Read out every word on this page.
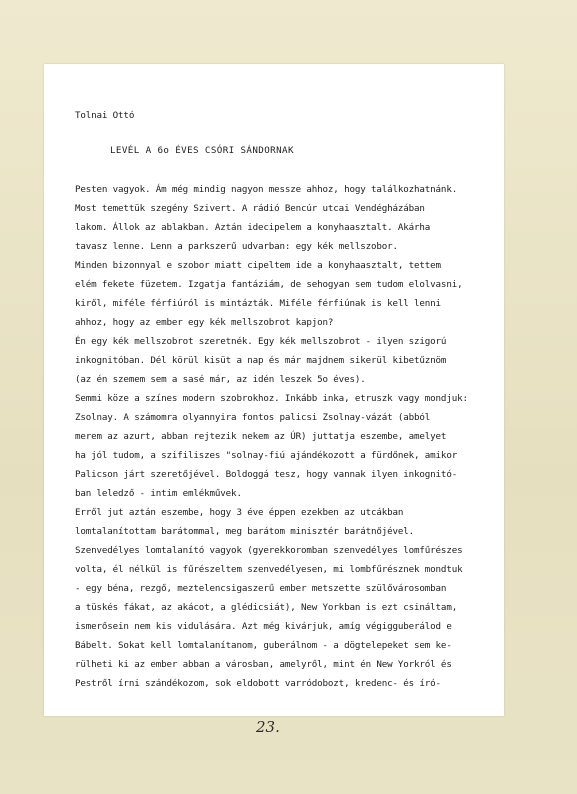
Tolnai Ottó
LEVÉL A 6o ÉVES CSÓRI SÁNDORNAK
Pesten vagyok. Ám még mindig nagyon messze ahhoz, hogy találkozhatnánk.
Most temettük szegény Szivert. A rádió Bencúr utcai Vendégházában
lakom. Állok az ablakban. Aztán idecipelem a konyhaasztalt. Akárha
tavasz lenne. Lenn a parkszerű udvarban: egy kék mellszobor.
Minden bizonnyal e szobor miatt cipeltem ide a konyhaasztalt, tettem
elém fekete füzetem. Izgatja fantáziám, de sehogyan sem tudom elolvasni,
kiről, miféle férfiúról is mintázták. Miféle férfiúnak is kell lenni
ahhoz, hogy az ember egy kék mellszobrot kapjon?
Én egy kék mellszobrot szeretnék. Egy kék mellszobrot - ilyen szigorú
inkognitóban. Dél körül kisüt a nap és már majdnem sikerül kibetűznöm
(az én szemem sem a sasé már, az idén leszek 5o éves).
Semmi köze a színes modern szobrokhoz. Inkább inka, etruszk vagy mondjuk:
Zsolnay. A számomra olyannyira fontos palicsi Zsolnay-vázát (abból
merem az azurt, abban rejtezik nekem az ÚR) juttatja eszembe, amelyet
ha jól tudom, a szifiliszes "solnay-fiú ajándékozott a fürdőnek, amikor
Palicson járt szeretőjével. Boldoggá tesz, hogy vannak ilyen inkognitó-
ban leledző - intim emlékművek.
Erről jut aztán eszembe, hogy 3 éve éppen ezekben az utcákban
lomtalanítottam barátommal, meg barátom minisztér barátnőjével.
Szenvedélyes lomtalanító vagyok (gyerekkoromban szenvedélyes lomfűrészes
volta, él nélkül is fűrészeltem szenvedélyesen, mi lombfűrésznek mondtuk
- egy béna, rezgő, meztelencsigaszerű ember metszette szülővárosomban
a tüskés fákat, az akácot, a glédicsiát), New Yorkban is ezt csináltam,
ismerősein nem kis vidulására. Azt még kivárjuk, amíg végigguberálod e
Bábelt. Sokat kell lomtalanítanom, guberálnom - a dögtelepeket sem ke-
rülheti ki az ember abban a városban, amelyről, mint én New Yorkról és
Pestről írni szándékozom, sok eldobott varródobozt, kredenc- és író-
23.
